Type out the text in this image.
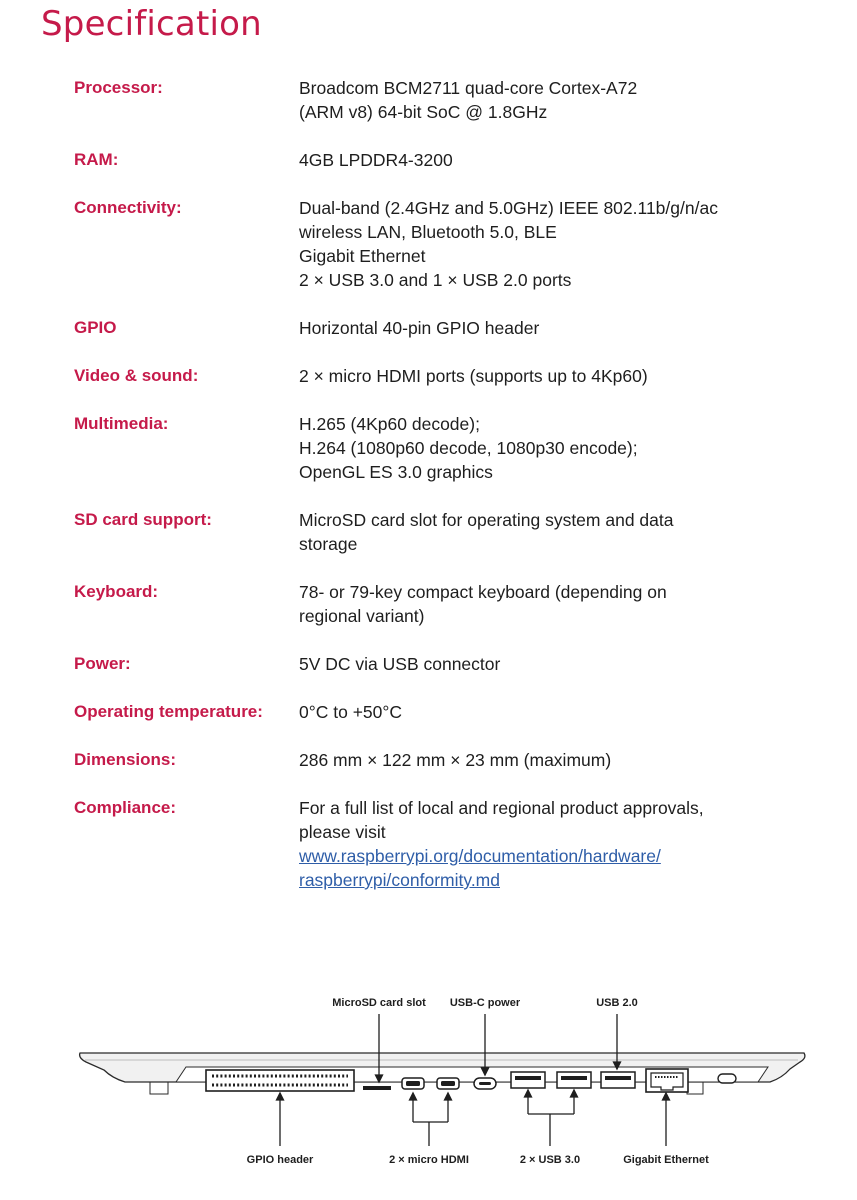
Specification
Processor:	Broadcom BCM2711 quad-core Cortex-A72
(ARM v8) 64-bit SoC @ 1.8GHz
RAM:	4GB LPDDR4-3200
Connectivity:	Dual-band (2.4GHz and 5.0GHz) IEEE 802.11b/g/n/ac
wireless LAN, Bluetooth 5.0, BLE
Gigabit Ethernet
2 × USB 3.0 and 1 × USB 2.0 ports
GPIO	Horizontal 40-pin GPIO header
Video & sound:	2 × micro HDMI ports (supports up to 4Kp60)
Multimedia:	H.265 (4Kp60 decode);
H.264 (1080p60 decode, 1080p30 encode);
OpenGL ES 3.0 graphics
SD card support:	MicroSD card slot for operating system and data
storage
Keyboard:	78- or 79-key compact keyboard (depending on
regional variant)
Power:	5V DC via USB connector
Operating temperature: 0°C to +50°C
Dimensions:	286 mm × 122 mm × 23 mm (maximum)
Compliance:	For a full list of local and regional product approvals,
please visit
www.raspberrypi.org/documentation/hardware/
raspberrypi/conformity.md
MicroSD card slot USB-C power	USB 2.0
GPIO header	2 × micro HDMI	2 × USB 3.0	Gigabit Ethernet
